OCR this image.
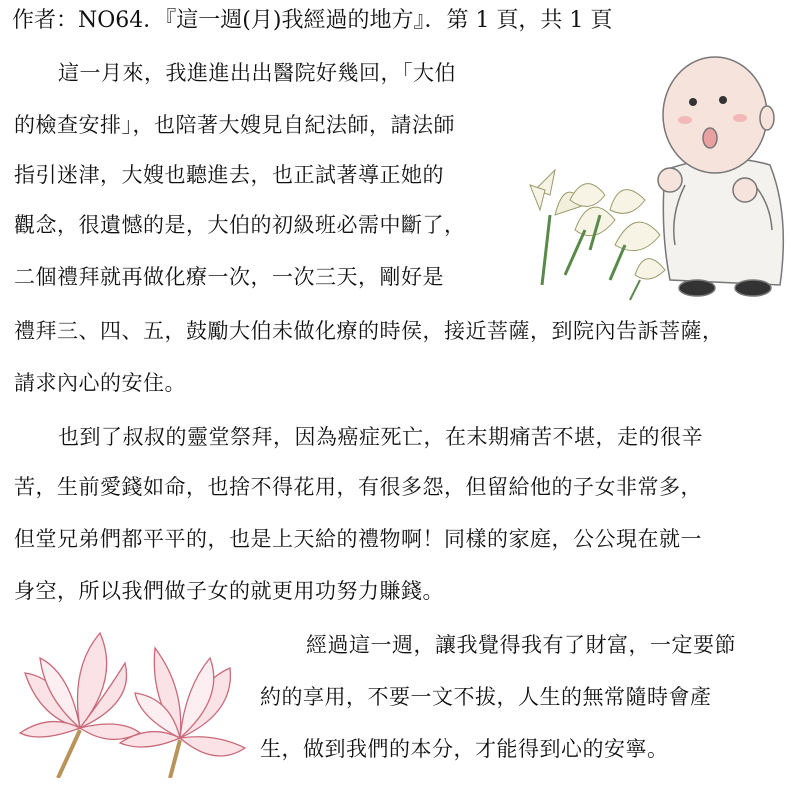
作者：NO64．『這一週(月)我經過的地方』．第 1 頁，共 1 頁
這一月來，我進進出出醫院好幾回，「大伯
的檢查安排」，也陪著大嫂見自紀法師，請法師
指引迷津，大嫂也聽進去，也正試著導正她的
觀念，很遺憾的是，大伯的初級班必需中斷了，
二個禮拜就再做化療一次，一次三天，剛好是
禮拜三、四、五，鼓勵大伯未做化療的時侯，接近菩薩，到院內告訴菩薩，
請求內心的安住。
也到了叔叔的靈堂祭拜，因為癌症死亡，在末期痛苦不堪，走的很辛
苦，生前愛錢如命，也捨不得花用，有很多怨，但留給他的子女非常多，
但堂兄弟們都平平的，也是上天給的禮物啊！同樣的家庭，公公現在就一
身空，所以我們做子女的就更用功努力賺錢。
經過這一週，讓我覺得我有了財富，一定要節
約的享用，不要一文不拔，人生的無常隨時會產
生，做到我們的本分，才能得到心的安寧。
